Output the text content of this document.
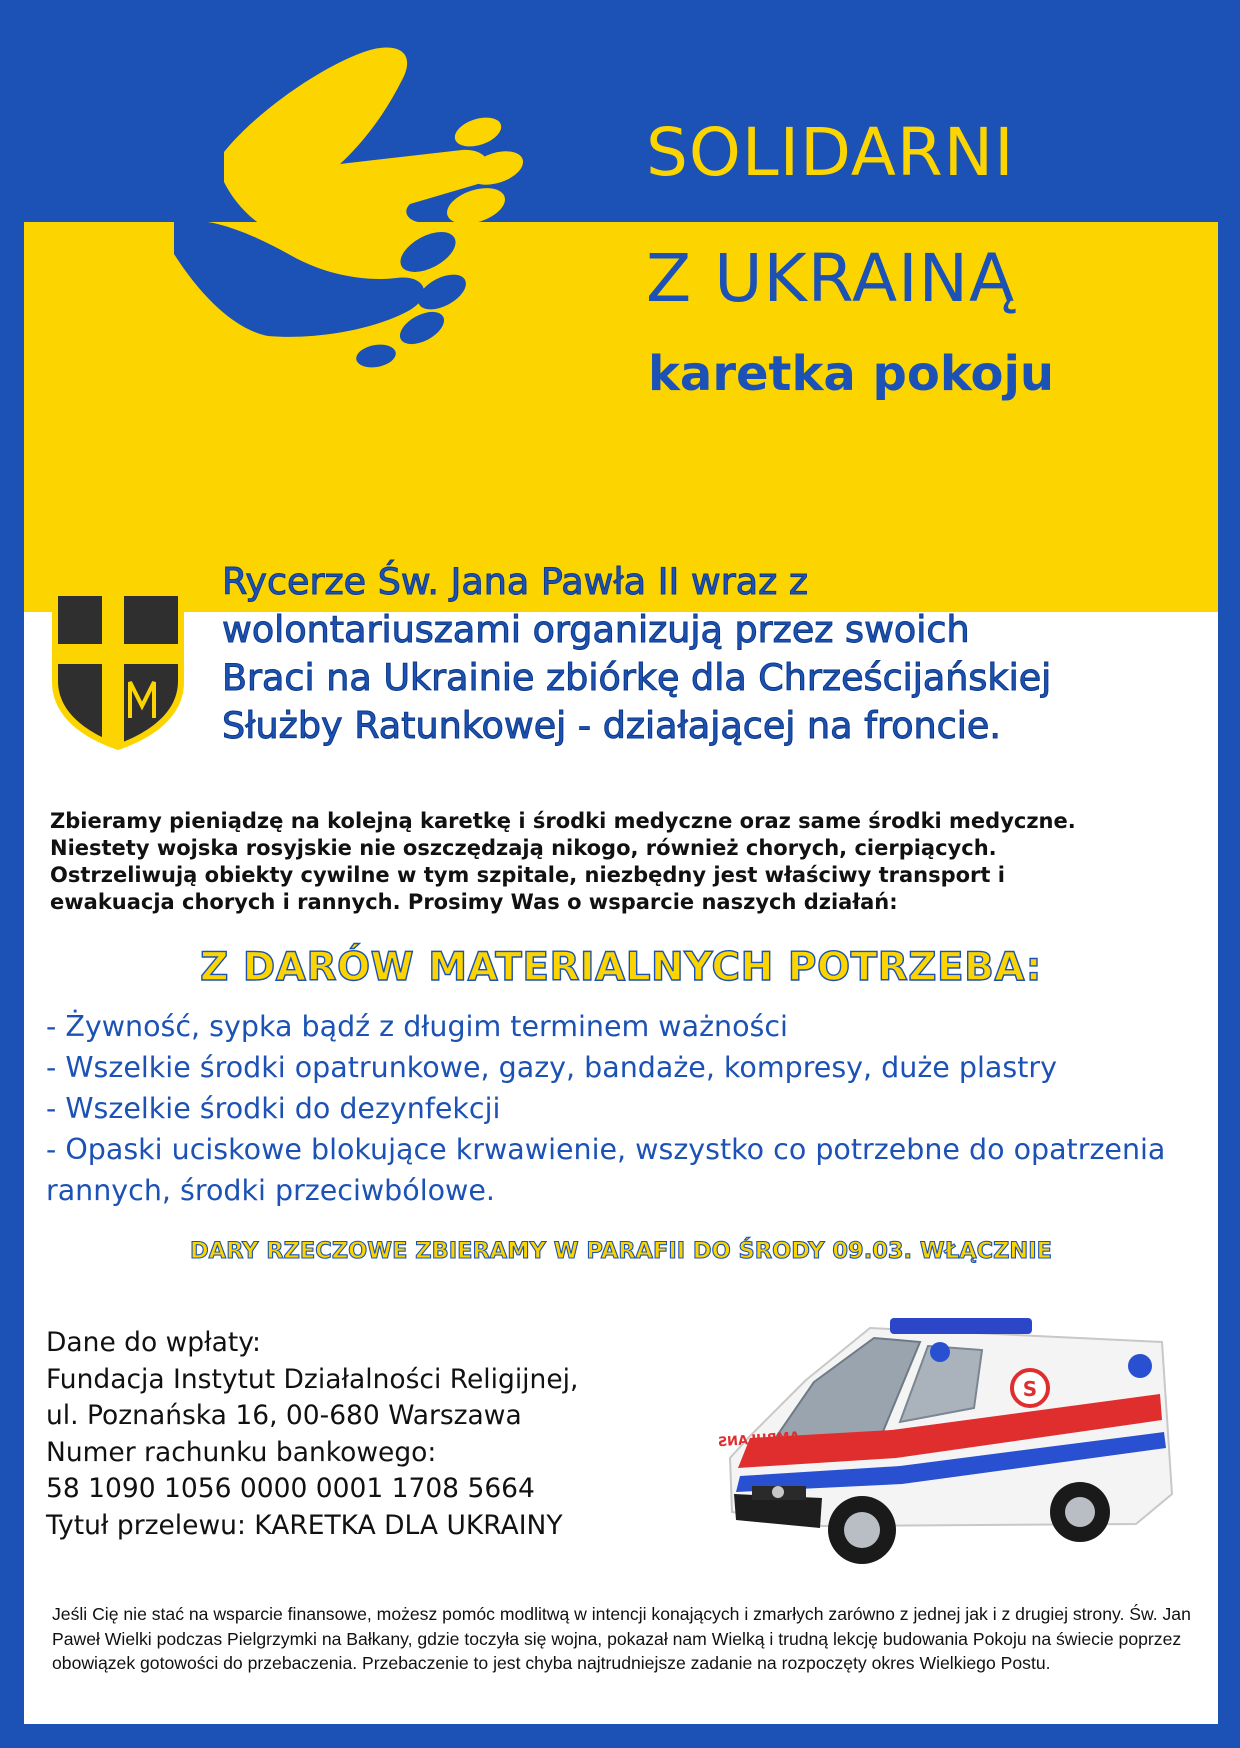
SOLIDARNI
Z UKRAINĄ
karetka pokoju

Rycerze Św. Jana Pawła II wraz z

wolontariuszami organizują przez swoich

Braci na Ukrainie zbiórkę dla Chrześcijańskiej

Służby Ratunkowej - działającej na froncie.

Zbieramy pieniądzę na kolejną karetkę i środki medyczne oraz same środki medyczne.

Niestety wojska rosyjskie nie oszczędzają nikogo, również chorych, cierpiących.

Ostrzeliwują obiekty cywilne w tym szpitale, niezbędny jest właściwy transport i

ewakuacja chorych i rannych. Prosimy Was o wsparcie naszych działań:

Z DARÓW MATERIALNYCH POTRZEBA:
- Żywność, sypka bądź z długim terminem ważności
- Wszelkie środki opatrunkowe, gazy, bandaże, kompresy, duże plastry
- Wszelkie środki do dezynfekcji
- Opaski uciskowe blokujące krwawienie, wszystko co potrzebne do opatrzenia
rannych, środki przeciwbólowe.
DARY RZECZOWE ZBIERAMY W PARAFII DO ŚRODY 09.03. WŁĄCZNIE

Dane do wpłaty:

Fundacja Instytut Działalności Religijnej,

ul. Poznańska 16, 00-680 Warszawa

Numer rachunku bankowego:

58 1090 1056 0000 0001 1708 5664

Tytuł przelewu: KARETKA DLA UKRAINY

S
AMBULANS
Jeśli Cię nie stać na wsparcie finansowe, możesz pomóc modlitwą w intencji konających i zmarłych zarówno z jednej jak i z drugiej strony. Św. Jan Paweł Wielki podczas Pielgrzymki na Bałkany, gdzie toczyła się wojna, pokazał nam Wielką i trudną lekcję budowania Pokoju na świecie poprzez obowiązek gotowości do przebaczenia. Przebaczenie to jest chyba najtrudniejsze zadanie na rozpoczęty okres Wielkiego Postu.
